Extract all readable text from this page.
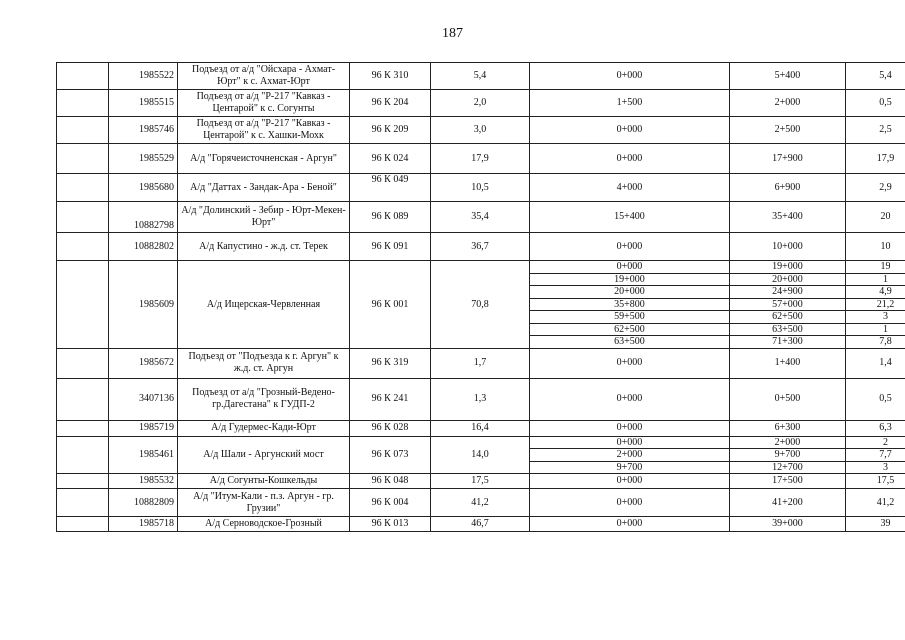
187
	1985522	Подъезд от а/д "Ойсхара - Ахмат-Юрт" к с. Ахмат-Юрт	96 К 310	5,4	0+000	5+400	5,4
	1985515	Подъезд от а/д "Р-217 "Кавказ - Центарой" к с. Согунты	96 К 204	2,0	1+500	2+000	0,5
	1985746	Подъезд от а/д "Р-217 "Кавказ - Центарой" к с. Хашки-Мохк	96 К 209	3,0	0+000	2+500	2,5
	1985529	А/д "Горячеисточненская - Аргун"	96 К 024	17,9	0+000	17+900	17,9
	1985680	А/д "Даттах - Зандак-Ара - Беной"	96 К 049	10,5	4+000	6+900	2,9
	10882798	А/д "Долинский - Зебир - Юрт-Мекен-Юрт"	96 К 089	35,4	15+400	35+400	20
	10882802	А/д Капустино - ж.д. ст. Терек	96 К 091	36,7	0+000	10+000	10
	1985609	А/д Ищерская-Червленная	96 К 001	70,8	0+000	19+000	19
					19+000	20+000	1
					20+000	24+900	4,9
					35+800	57+000	21,2
					59+500	62+500	3
					62+500	63+500	1
					63+500	71+300	7,8
	1985672	Подъезд от "Подъезда к г. Аргун" к ж.д. ст. Аргун	96 К 319	1,7	0+000	1+400	1,4
	3407136	Подъезд от а/д "Грозный-Ведено-гр.Дагестана" к ГУДП-2	96 К 241	1,3	0+000	0+500	0,5
	1985719	А/д Гудермес-Кади-Юрт	96 К 028	16,4	0+000	6+300	6,3
	1985461	А/д Шали - Аргунский мост	96 К 073	14,0	0+000	2+000	2
					2+000	9+700	7,7
					9+700	12+700	3
	1985532	А/д Согунты-Кошкельды	96 К 048	17,5	0+000	17+500	17,5
	10882809	А/д "Итум-Кали - п.з. Аргун - гр. Грузии"	96 К 004	41,2	0+000	41+200	41,2
	1985718	А/д Серноводское-Грозный	96 К 013	46,7	0+000	39+000	39
